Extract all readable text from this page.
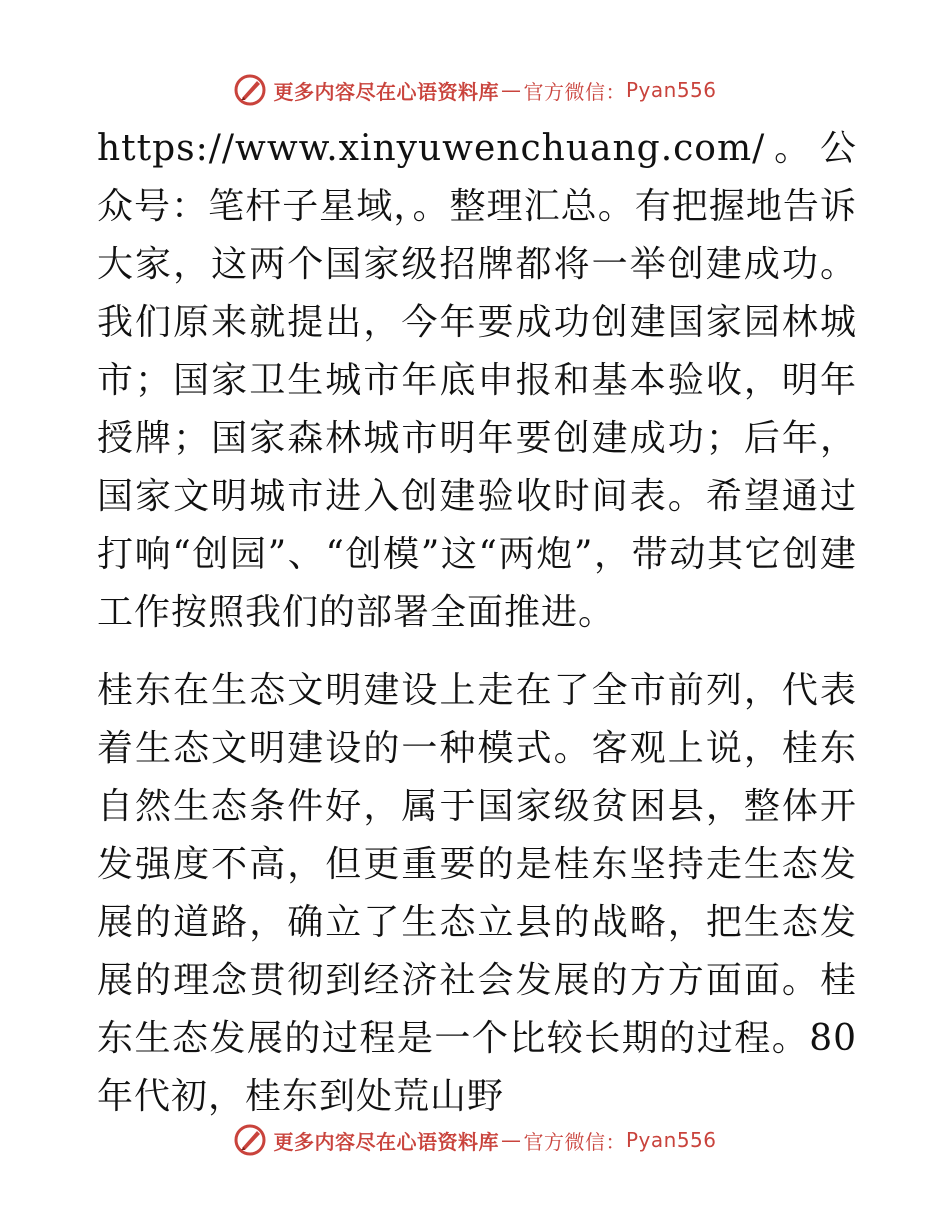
更多内容尽在心语资料库 — 官方微信： Pyan556

https://www.xinyuwenchuang.com/。公众号：笔杆子星域，。整理汇总。有把握地告诉大家，这两个国家级招牌都将一举创建成功。我们原来就提出，今年要成功创建国家园林城市；国家卫生城市年底申报和基本验收，明年授牌；国家森林城市明年要创建成功；后年，国家文明城市进入创建验收时间表。希望通过打响“创园”、“创模”这“两炮”，带动其它创建工作按照我们的部署全面推进。

桂东在生态文明建设上走在了全市前列，代表着生态文明建设的一种模式。客观上说，桂东自然生态条件好，属于国家级贫困县，整体开发强度不高，但更重要的是桂东坚持走生态发展的道路，确立了生态立县的战略，把生态发展的理念贯彻到经济社会发展的方方面面。桂东生态发展的过程是一个比较长期的过程。80年代初，桂东到处荒山野

更多内容尽在心语资料库 — 官方微信： Pyan556
